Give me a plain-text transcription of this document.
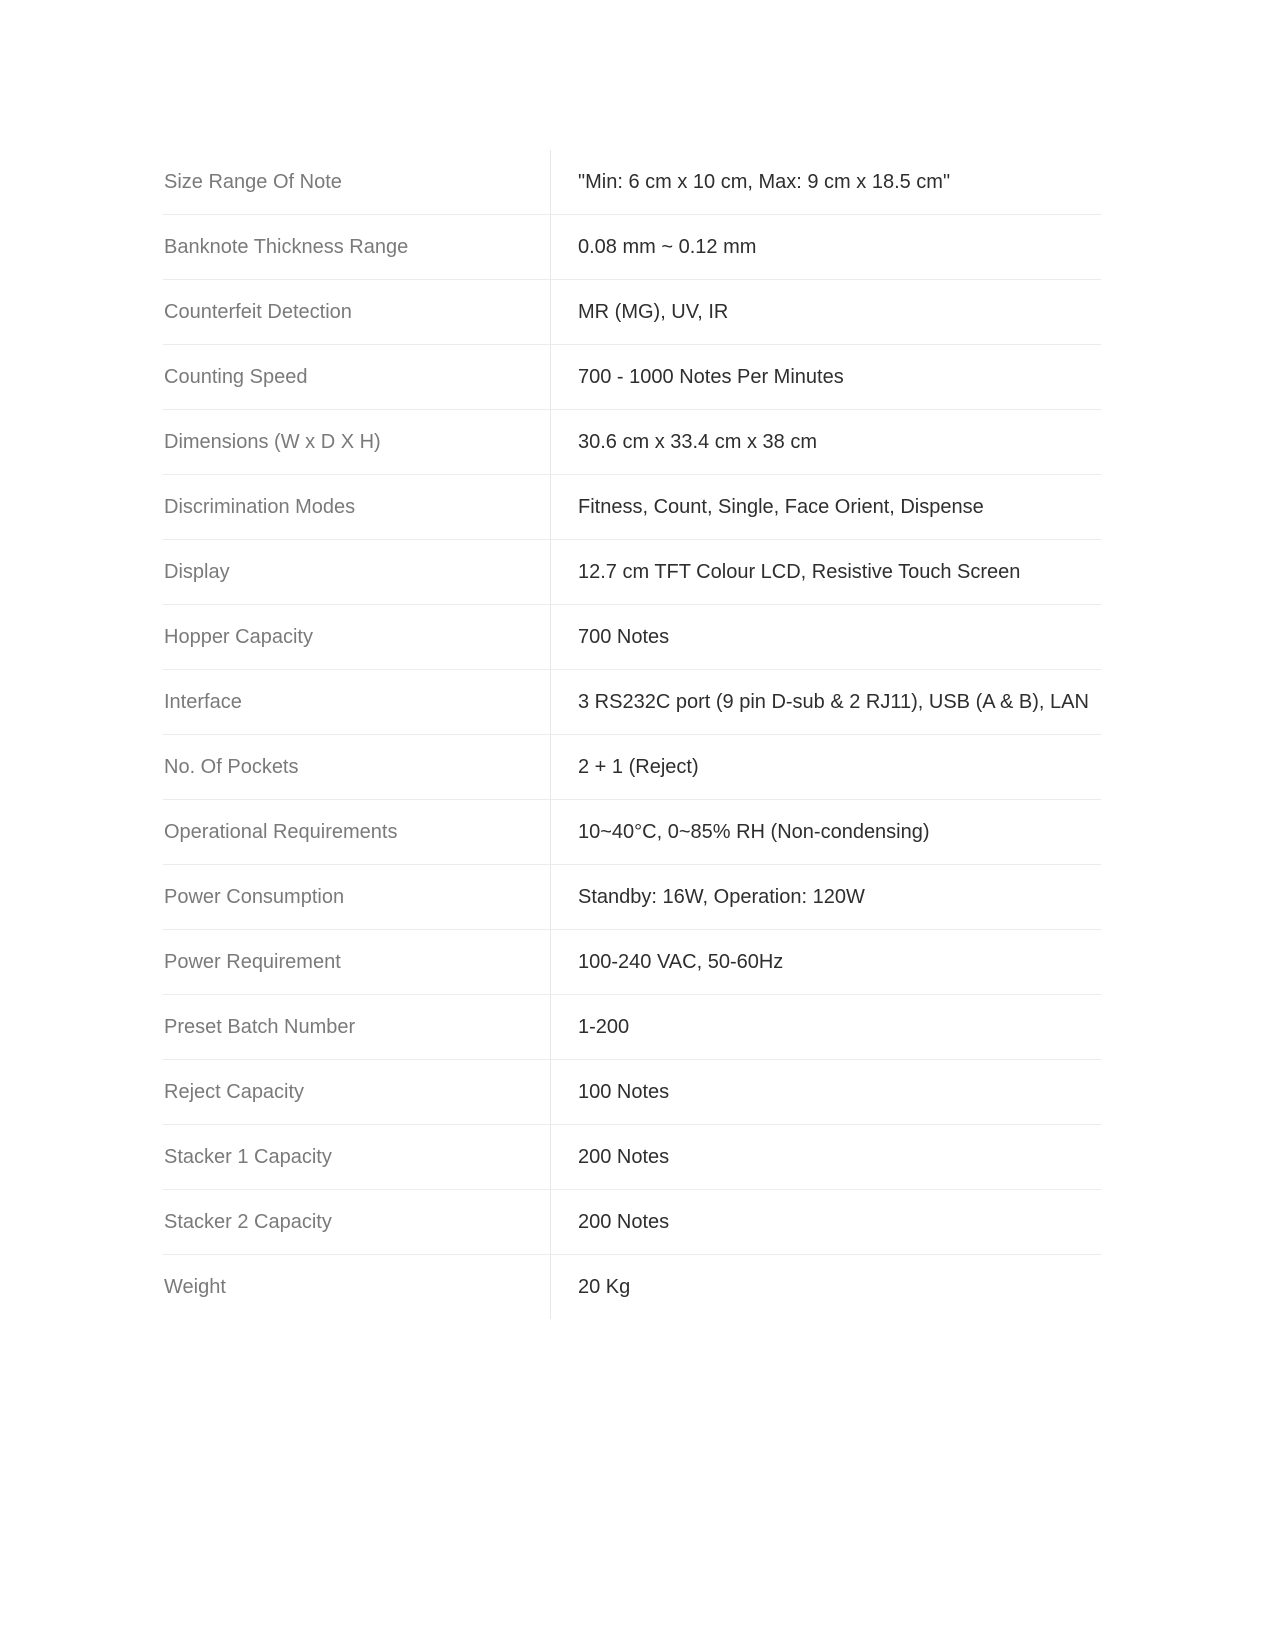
Size Range Of Note	"Min: 6 cm x 10 cm, Max: 9 cm x 18.5 cm"
Banknote Thickness Range	0.08 mm ~ 0.12 mm
Counterfeit Detection	MR (MG), UV, IR
Counting Speed	700 - 1000 Notes Per Minutes
Dimensions (W x D X H)	30.6 cm x 33.4 cm x 38 cm
Discrimination Modes	Fitness, Count, Single, Face Orient, Dispense
Display	12.7 cm TFT Colour LCD, Resistive Touch Screen
Hopper Capacity	700 Notes
Interface	3 RS232C port (9 pin D-sub & 2 RJ11), USB (A & B), LAN
No. Of Pockets	2 + 1 (Reject)
Operational Requirements	10~40°C, 0~85% RH (Non-condensing)
Power Consumption	Standby: 16W, Operation: 120W
Power Requirement	100-240 VAC, 50-60Hz
Preset Batch Number	1-200
Reject Capacity	100 Notes
Stacker 1 Capacity	200 Notes
Stacker 2 Capacity	200 Notes
Weight	20 Kg
